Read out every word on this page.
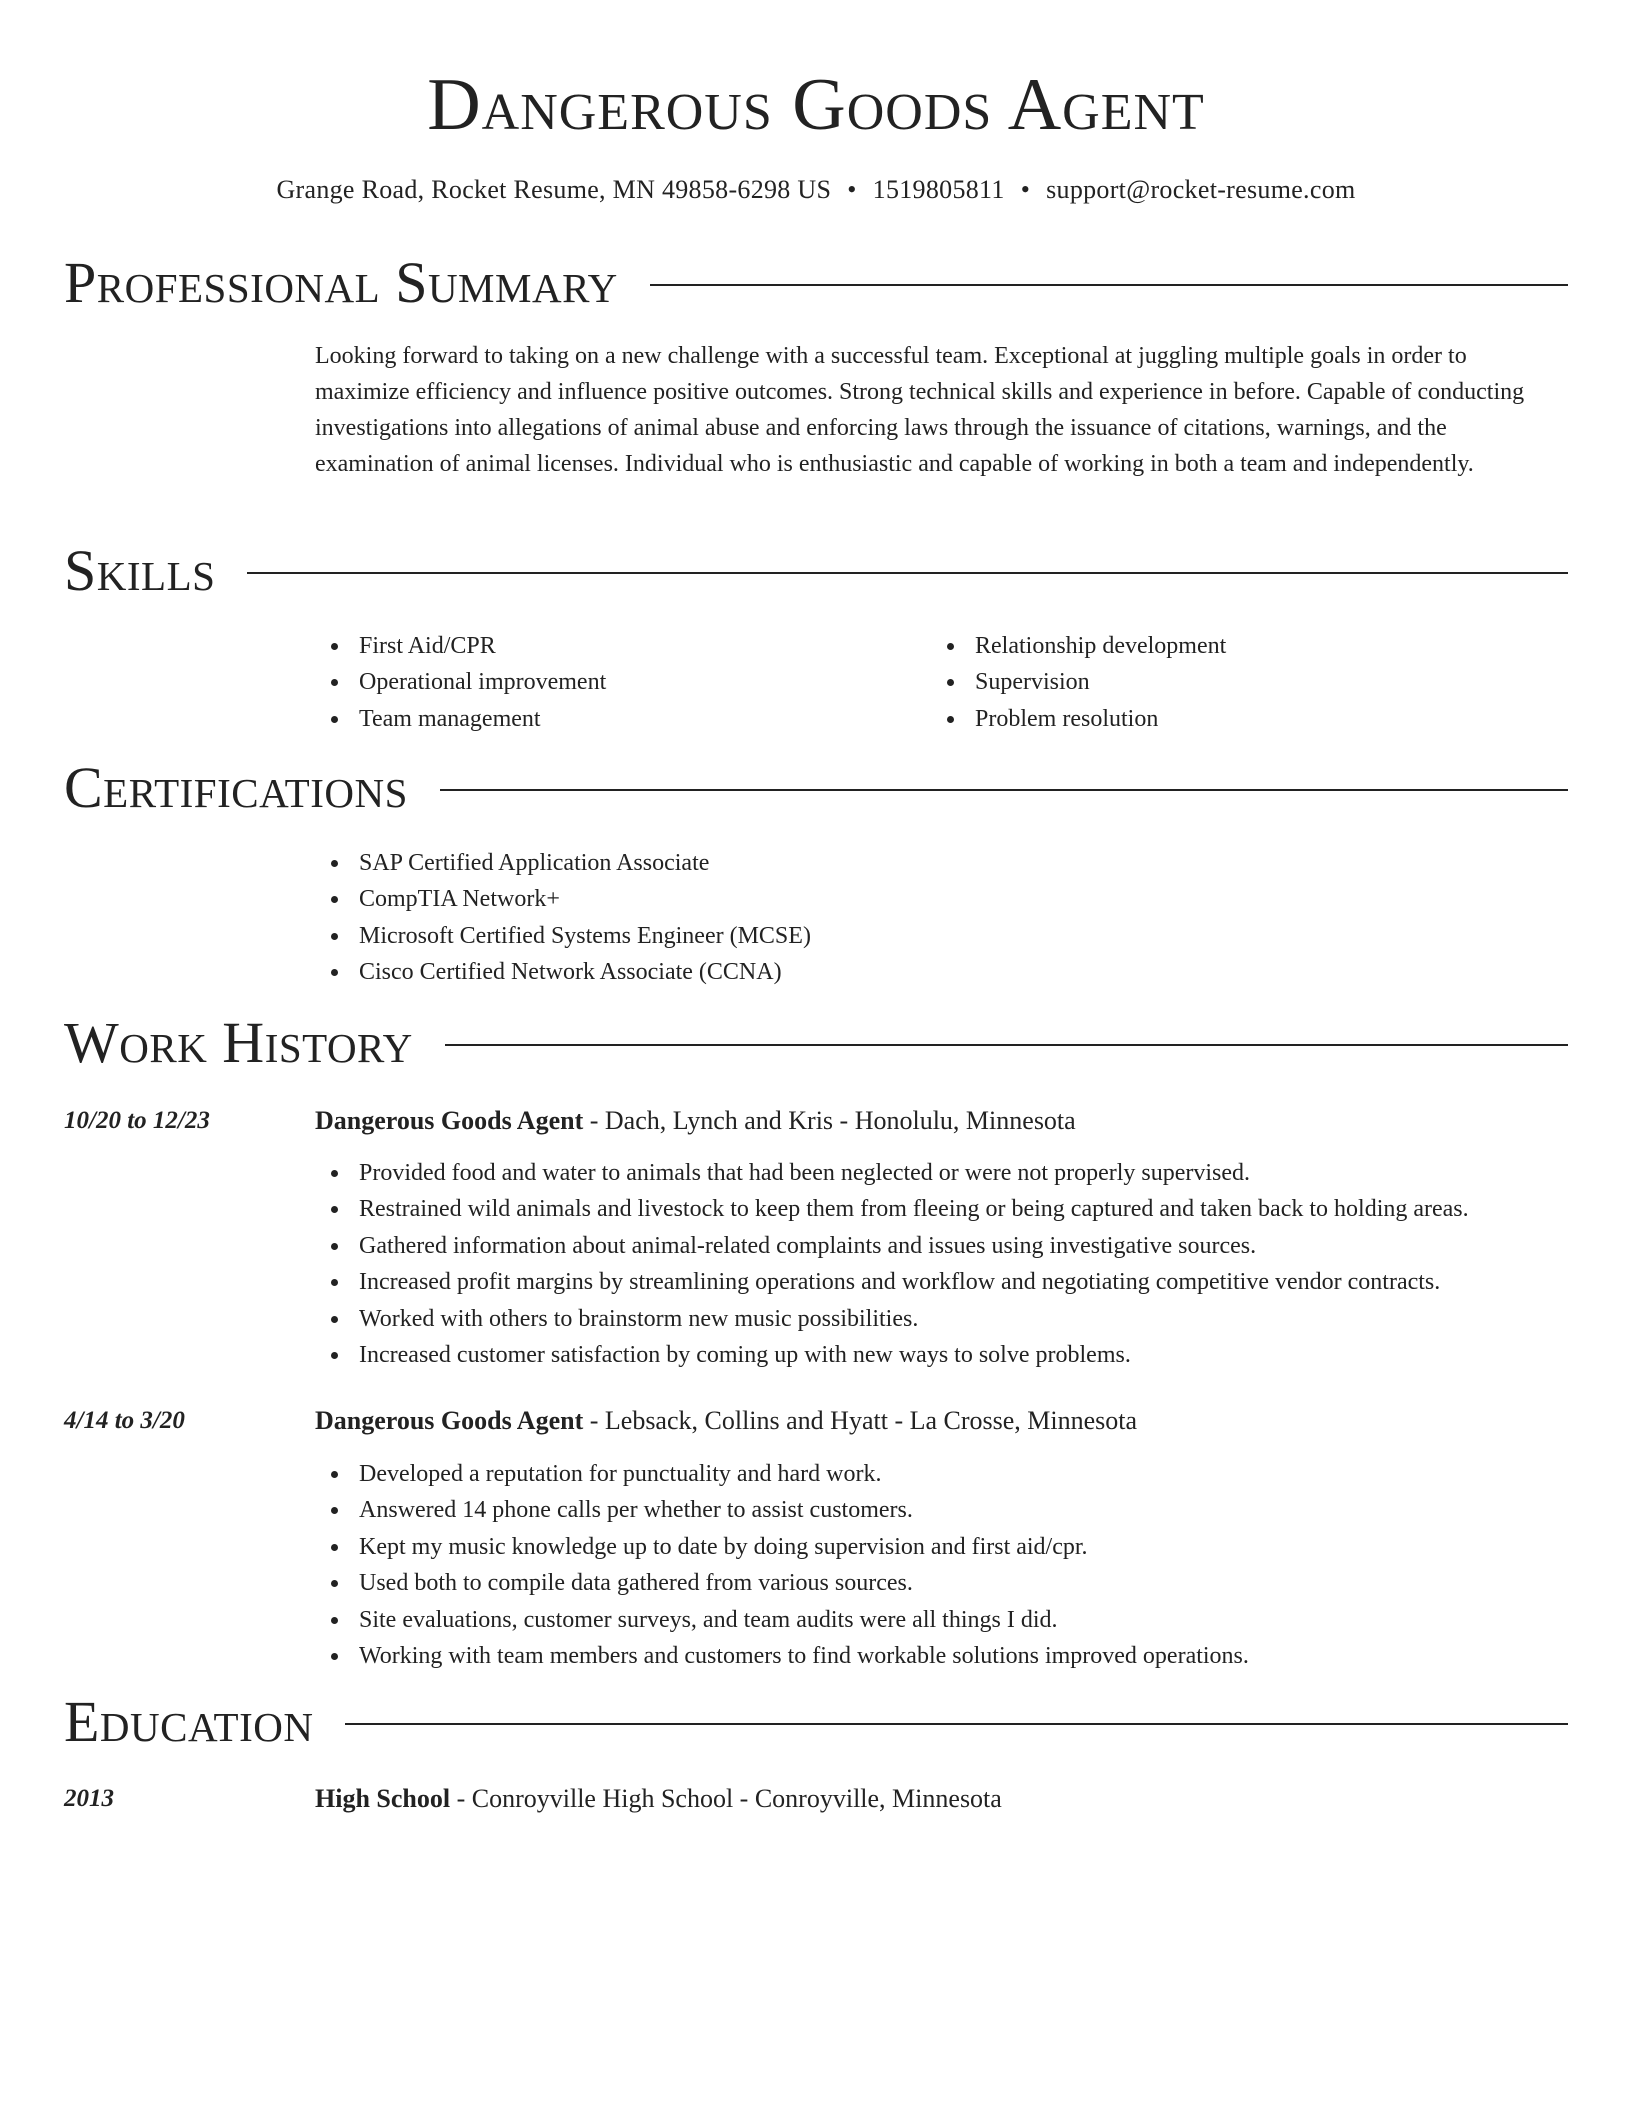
Dangerous Goods Agent
Grange Road, Rocket Resume, MN 49858-6298 US • 1519805811 • support@rocket-resume.com
Professional Summary

Looking forward to taking on a new challenge with a successful team. Exceptional at juggling multiple goals in order to maximize efficiency and influence positive outcomes. Strong technical skills and experience in before. Capable of conducting investigations into allegations of animal abuse and enforcing laws through the issuance of citations, warnings, and the examination of animal licenses. Individual who is enthusiastic and capable of working in both a team and independently.

Skills
First Aid/CPR
Operational improvement
Team management
Relationship development
Supervision
Problem resolution
Certifications
SAP Certified Application Associate
CompTIA Network+
Microsoft Certified Systems Engineer (MCSE)
Cisco Certified Network Associate (CCNA)
Work History
10/20 to 12/23	Dangerous Goods Agent - Dach, Lynch and Kris - Honolulu, Minnesota
Provided food and water to animals that had been neglected or were not properly supervised.
Restrained wild animals and livestock to keep them from fleeing or being captured and taken back to holding areas.
Gathered information about animal-related complaints and issues using investigative sources.
Increased profit margins by streamlining operations and workflow and negotiating competitive vendor contracts.
Worked with others to brainstorm new music possibilities.
Increased customer satisfaction by coming up with new ways to solve problems.
4/14 to 3/20	Dangerous Goods Agent - Lebsack, Collins and Hyatt - La Crosse, Minnesota
Developed a reputation for punctuality and hard work.
Answered 14 phone calls per whether to assist customers.
Kept my music knowledge up to date by doing supervision and first aid/cpr.
Used both to compile data gathered from various sources.
Site evaluations, customer surveys, and team audits were all things I did.
Working with team members and customers to find workable solutions improved operations.
Education
2013	High School - Conroyville High School - Conroyville, Minnesota
